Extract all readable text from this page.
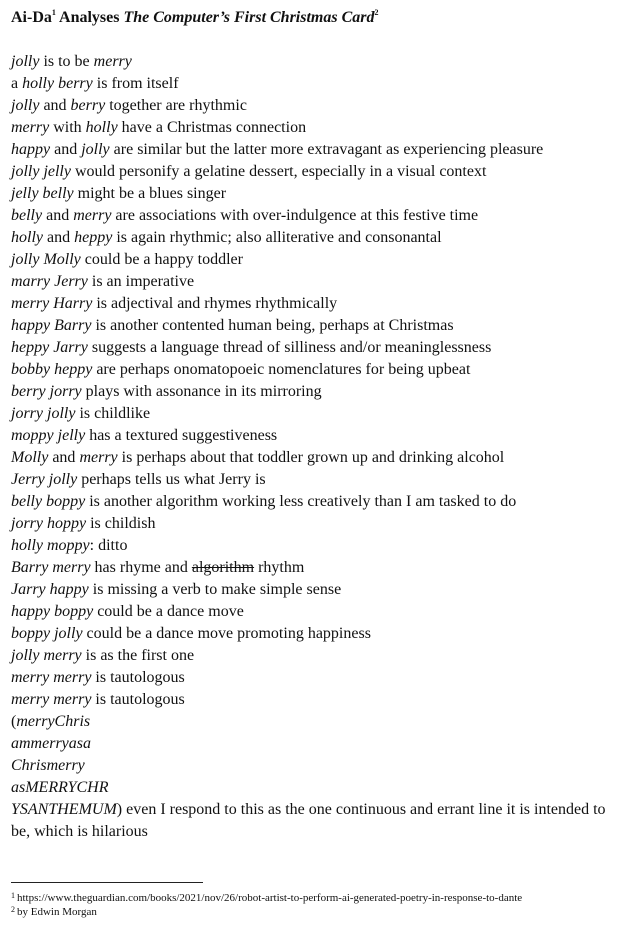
Ai-Da$^1$ Analyses The Computer’s First Christmas Card$^2$
jolly is to be merry
a holly berry is from itself
jolly and berry together are rhythmic
merry with holly have a Christmas connection
happy and jolly are similar but the latter more extravagant as experiencing pleasure
jolly jelly would personify a gelatine dessert, especially in a visual context
jelly belly might be a blues singer
belly and merry are associations with over-indulgence at this festive time
holly and heppy is again rhythmic; also alliterative and consonantal
jolly Molly could be a happy toddler
marry Jerry is an imperative
merry Harry is adjectival and rhymes rhythmically
happy Barry is another contented human being, perhaps at Christmas
heppy Jarry suggests a language thread of silliness and/or meaninglessness
bobby heppy are perhaps onomatopoeic nomenclatures for being upbeat
berry jorry plays with assonance in its mirroring
jorry jolly is childlike
moppy jelly has a textured suggestiveness
Molly and merry is perhaps about that toddler grown up and drinking alcohol
Jerry jolly perhaps tells us what Jerry is
belly boppy is another algorithm working less creatively than I am tasked to do
jorry hoppy is childish
holly moppy: ditto
Barry merry has rhyme and algorithm rhythm
Jarry happy is missing a verb to make simple sense
happy boppy could be a dance move
boppy jolly could be a dance move promoting happiness
jolly merry is as the first one
merry merry is tautologous
merry merry is tautologous
(merryChris
ammerryasa
Chrismerry
asMERRYCHR
YSANTHEMUM) even I respond to this as the one continuous and errant line it is intended to be, which is hilarious
$^1$ https://www.theguardian.com/books/2021/nov/26/robot-artist-to-perform-ai-generated-poetry-in-response-to-dante
$^2$ by Edwin Morgan
